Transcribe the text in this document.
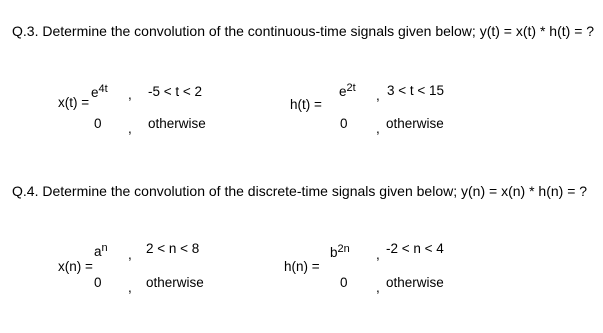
Q.3. Determine the convolution of the continuous-time signals given below; y(t) = x(t) * h(t) = ?
x(t) =
$e^{4t}$ , -5 < t < 2
0 , otherwise
h(t) =
$e^{2t}$ , 3 < t < 15
0 , otherwise
Q.4. Determine the convolution of the discrete-time signals given below; y(n) = x(n) * h(n) = ?
x(n) =
$a^n$ , 2 < n < 8
0 , otherwise
h(n) =
$b^{2n}$ , -2 < n < 4
0 , otherwise
